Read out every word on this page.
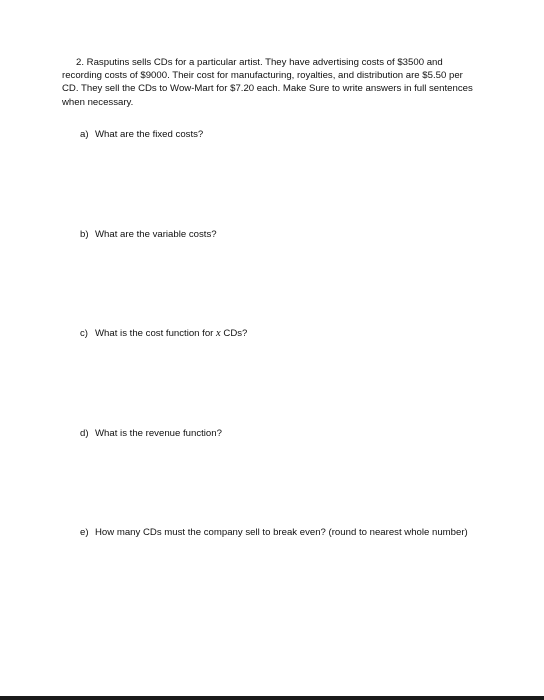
2. Rasputins sells CDs for a particular artist. They have advertising costs of $3500 and recording costs of $9000. Their cost for manufacturing, royalties, and distribution are $5.50 per CD. They sell the CDs to Wow-Mart for $7.20 each. Make Sure to write answers in full sentences when necessary.

a) What are the fixed costs?
b) What are the variable costs?
c) What is the cost function for x CDs?
d) What is the revenue function?
e) How many CDs must the company sell to break even? (round to nearest whole number)
